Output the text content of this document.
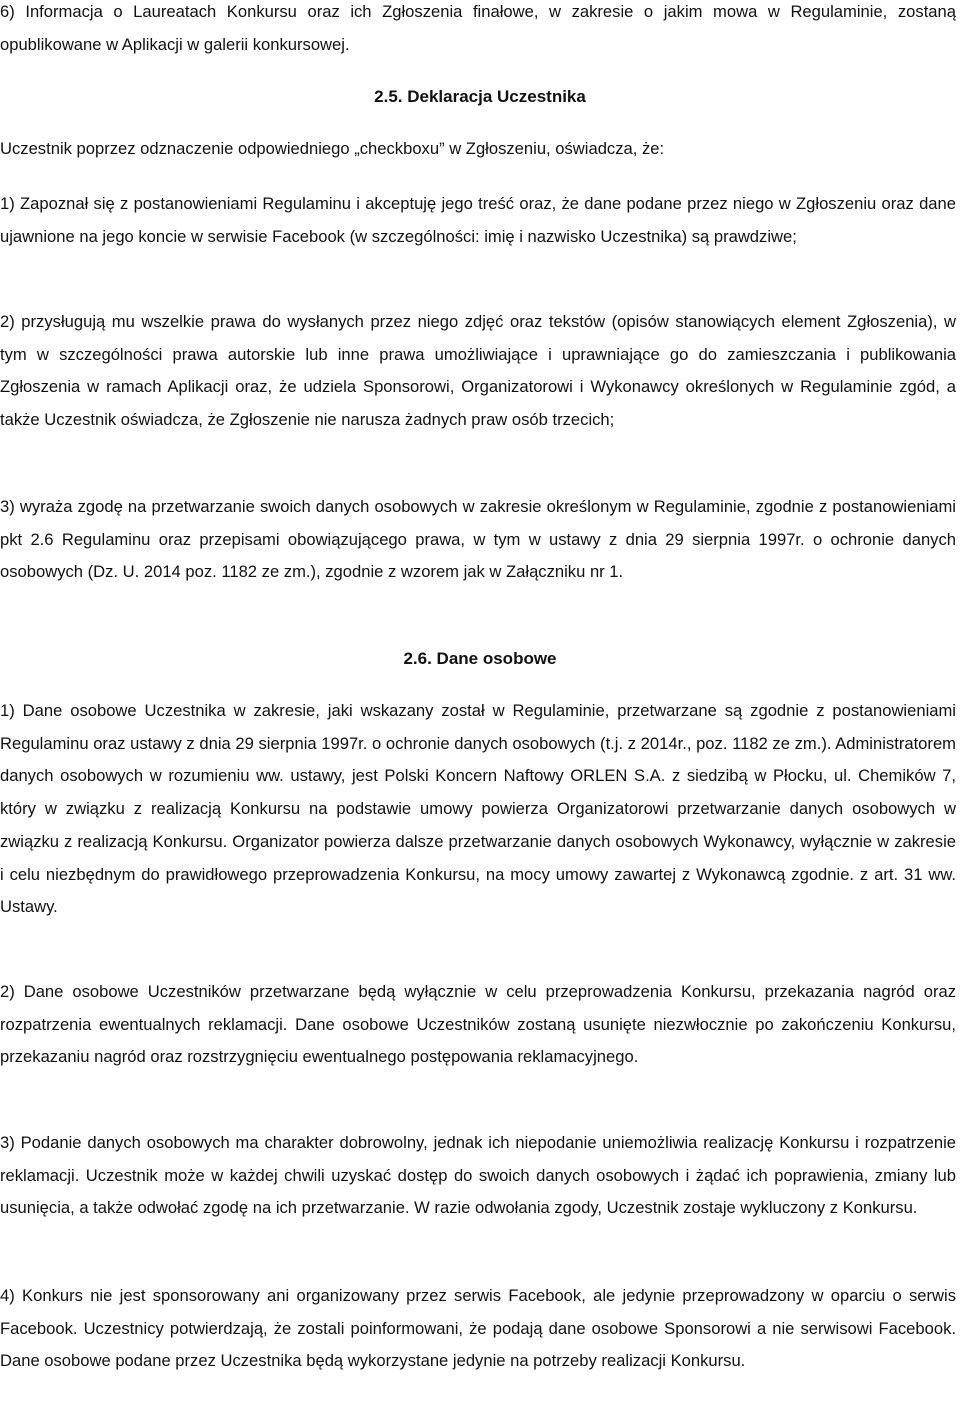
6) Informacja o Laureatach Konkursu oraz ich Zgłoszenia finałowe, w zakresie o jakim mowa w Regulaminie, zostaną opublikowane w Aplikacji w galerii konkursowej.

2.5. Deklaracja Uczestnika

Uczestnik poprzez odznaczenie odpowiedniego „checkboxu” w Zgłoszeniu, oświadcza, że:

1) Zapoznał się z postanowieniami Regulaminu i akceptuję jego treść oraz, że dane podane przez niego w Zgłoszeniu oraz dane ujawnione na jego koncie w serwisie Facebook (w szczególności: imię i nazwisko Uczestnika) są prawdziwe;

2) przysługują mu wszelkie prawa do wysłanych przez niego zdjęć oraz tekstów (opisów stanowiących element Zgłoszenia), w tym w szczególności prawa autorskie lub inne prawa umożliwiające i uprawniające go do zamieszczania i publikowania Zgłoszenia w ramach Aplikacji oraz, że udziela Sponsorowi, Organizatorowi i Wykonawcy określonych w Regulaminie zgód, a także Uczestnik oświadcza, że Zgłoszenie nie narusza żadnych praw osób trzecich;

3) wyraża zgodę na przetwarzanie swoich danych osobowych w zakresie określonym w Regulaminie, zgodnie z postanowieniami pkt 2.6 Regulaminu oraz przepisami obowiązującego prawa, w tym w ustawy z dnia 29 sierpnia 1997r. o ochronie danych osobowych (Dz. U. 2014 poz. 1182 ze zm.), zgodnie z wzorem jak w Załączniku nr 1.

2.6. Dane osobowe

1) Dane osobowe Uczestnika w zakresie, jaki wskazany został w Regulaminie, przetwarzane są zgodnie z postanowieniami Regulaminu oraz ustawy z dnia 29 sierpnia 1997r. o ochronie danych osobowych (t.j. z 2014r., poz. 1182 ze zm.). Administratorem danych osobowych w rozumieniu ww. ustawy, jest Polski Koncern Naftowy ORLEN S.A. z siedzibą w Płocku, ul. Chemików 7, który w związku z realizacją Konkursu na podstawie umowy powierza Organizatorowi przetwarzanie danych osobowych w związku z realizacją Konkursu. Organizator powierza dalsze przetwarzanie danych osobowych Wykonawcy, wyłącznie w zakresie i celu niezbędnym do prawidłowego przeprowadzenia Konkursu, na mocy umowy zawartej z Wykonawcą zgodnie. z art. 31 ww. Ustawy.

2) Dane osobowe Uczestników przetwarzane będą wyłącznie w celu przeprowadzenia Konkursu, przekazania nagród oraz rozpatrzenia ewentualnych reklamacji. Dane osobowe Uczestników zostaną usunięte niezwłocznie po zakończeniu Konkursu, przekazaniu nagród oraz rozstrzygnięciu ewentualnego postępowania reklamacyjnego.

3) Podanie danych osobowych ma charakter dobrowolny, jednak ich niepodanie uniemożliwia realizację Konkursu i rozpatrzenie reklamacji. Uczestnik może w każdej chwili uzyskać dostęp do swoich danych osobowych i żądać ich poprawienia, zmiany lub usunięcia, a także odwołać zgodę na ich przetwarzanie. W razie odwołania zgody, Uczestnik zostaje wykluczony z Konkursu.

4) Konkurs nie jest sponsorowany ani organizowany przez serwis Facebook, ale jedynie przeprowadzony w oparciu o serwis Facebook. Uczestnicy potwierdzają, że zostali poinformowani, że podają dane osobowe Sponsorowi a nie serwisowi Facebook. Dane osobowe podane przez Uczestnika będą wykorzystane jedynie na potrzeby realizacji Konkursu.
